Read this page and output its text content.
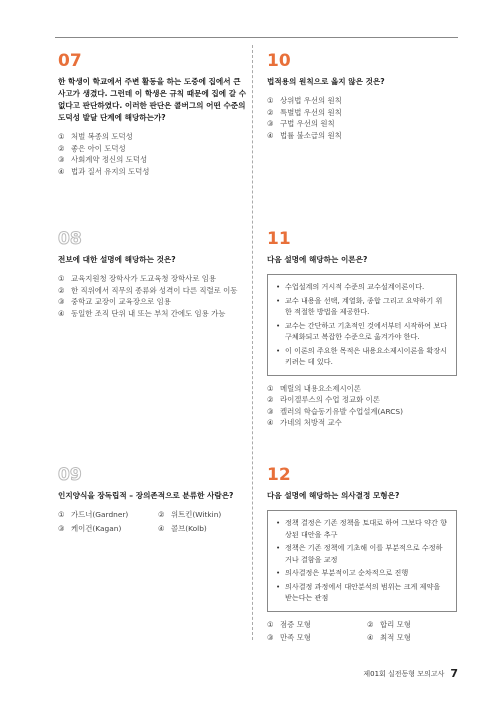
07
한 학생이 학교에서 주변 활동을 하는 도중에 집에서 큰 사고가 생겼다. 그런데 이 학생은 규칙 때문에 집에 갈 수 없다고 판단하였다. 이러한 판단은 콜버그의 어떤 수준의 도덕성 발달 단계에 해당하는가?
① 처벌 복종의 도덕성
② 좋은 아이 도덕성
③ 사회계약 정신의 도덕성
④ 법과 질서 유지의 도덕성
08
전보에 대한 설명에 해당하는 것은?
① 교육지원청 장학사가 도교육청 장학사로 임용
② 한 직위에서 직무의 종류와 성격이 다른 직렬로 이동
③ 중학교 교장이 교육장으로 임용
④ 동일한 조직 단위 내 또는 부처 간에도 임용 가능
09
인지양식을 장독립적 – 장의존적으로 분류한 사람은?
① 가드너(Gardner)	② 위트킨(Witkin)
③ 케이건(Kagan)	④ 콜브(Kolb)
10
법적용의 원칙으로 옳지 않은 것은?
① 상위법 우선의 원칙
② 특별법 우선의 원칙
③ 구법 우선의 원칙
④ 법률 불소급의 원칙
11
다음 설명에 해당하는 이론은?
• 수업설계의 거시적 수준의 교수설계이론이다.
• 교수 내용을 선택, 계열화, 종합 그리고 요약하기 위한 적절한 방법을 제공한다.
• 교수는 간단하고 기초적인 것에서부터 시작하여 보다 구체화되고 복잡한 수준으로 옮겨가야 한다.
• 이 이론의 주요한 목적은 내용요소제시이론을 확장시키려는 데 있다.
① 메릴의 내용요소제시이론
② 라이겔루스의 수업 정교화 이론
③ 켈러의 학습동기유발 수업설계(ARCS)
④ 가네의 처방적 교수
12
다음 설명에 해당하는 의사결정 모형은?
• 정책 결정은 기존 정책을 토대로 하여 그보다 약간 향상된 대안을 추구
• 정책은 기존 정책에 기초해 이를 부분적으로 수정하거나 결함을 교정
• 의사결정은 부분적이고 순차적으로 진행
• 의사결정 과정에서 대안분석의 범위는 크게 제약을 받는다는 관점
① 점증 모형	② 합리 모형
③ 만족 모형	④ 최적 모형
제01회 실전동형 모의고사 7
